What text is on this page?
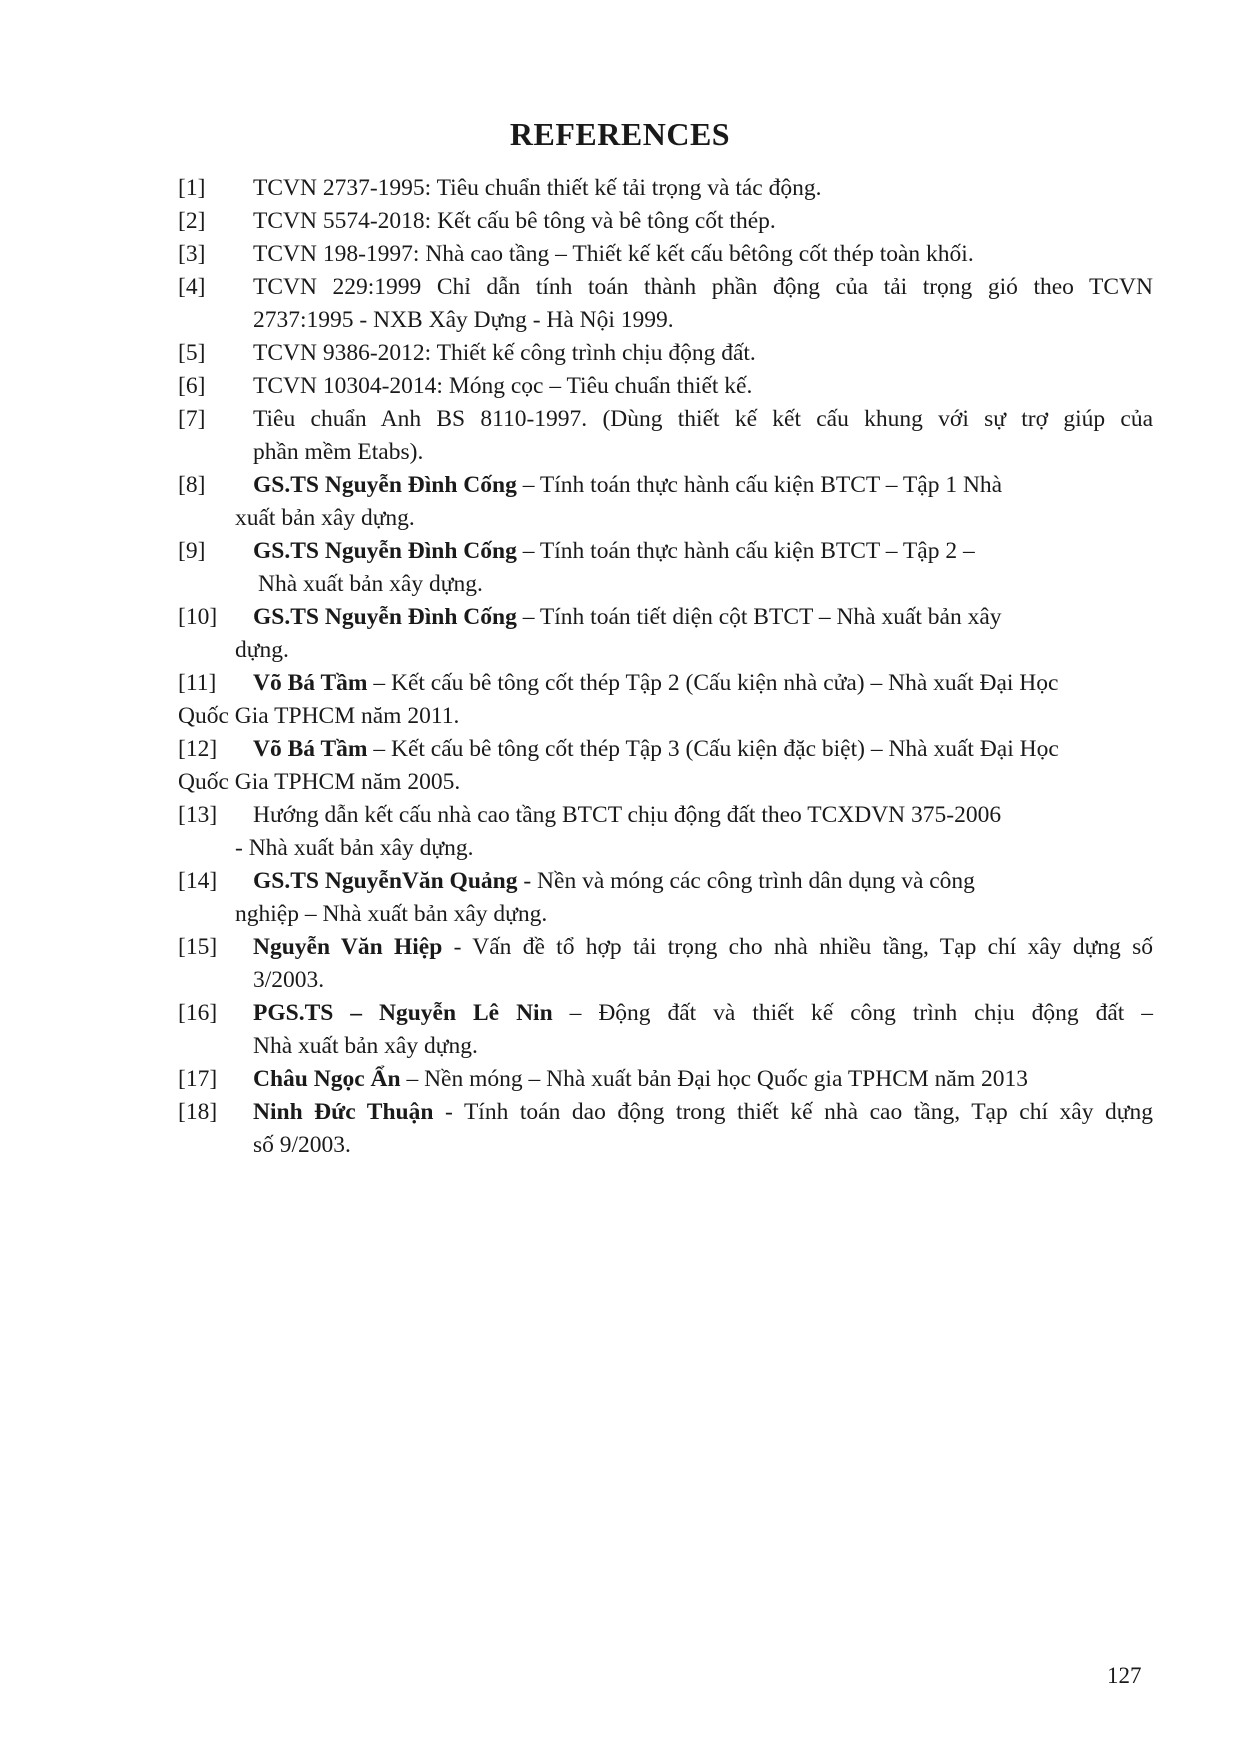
REFERENCES
[1]	TCVN 2737-1995: Tiêu chuẩn thiết kế tải trọng và tác động.
[2]	TCVN 5574-2018: Kết cấu bê tông và bê tông cốt thép.
[3]	TCVN 198-1997: Nhà cao tầng – Thiết kế kết cấu bêtông cốt thép toàn khối.
[4]	TCVN 229:1999 Chỉ dẫn tính toán thành phần động của tải trọng gió theo TCVN
2737:1995 - NXB Xây Dựng - Hà Nội 1999.
[5]	TCVN 9386-2012: Thiết kế công trình chịu động đất.
[6]	TCVN 10304-2014: Móng cọc – Tiêu chuẩn thiết kế.
[7]	Tiêu chuẩn Anh BS 8110-1997. (Dùng thiết kế kết cấu khung với sự trợ giúp của
phần mềm Etabs).
[8]	GS.TS Nguyễn Đình Cống – Tính toán thực hành cấu kiện BTCT – Tập 1 Nhà
xuất bản xây dựng.
[9]	GS.TS Nguyễn Đình Cống – Tính toán thực hành cấu kiện BTCT – Tập 2 –
Nhà xuất bản xây dựng.
[10]	GS.TS Nguyễn Đình Cống – Tính toán tiết diện cột BTCT – Nhà xuất bản xây
dựng.
[11]	Võ Bá Tầm – Kết cấu bê tông cốt thép Tập 2 (Cấu kiện nhà cửa) – Nhà xuất Đại Học
Quốc Gia TPHCM năm 2011.
[12]	Võ Bá Tầm – Kết cấu bê tông cốt thép Tập 3 (Cấu kiện đặc biệt) – Nhà xuất Đại Học
Quốc Gia TPHCM năm 2005.
[13]	Hướng dẫn kết cấu nhà cao tầng BTCT chịu động đất theo TCXDVN 375-2006
- Nhà xuất bản xây dựng.
[14]	GS.TS NguyễnVăn Quảng - Nền và móng các công trình dân dụng và công
nghiệp – Nhà xuất bản xây dựng.
[15]	Nguyễn Văn Hiệp - Vấn đề tổ hợp tải trọng cho nhà nhiều tầng, Tạp chí xây dựng số
3/2003.
[16]	PGS.TS – Nguyễn Lê Nin – Động đất và thiết kế công trình chịu động đất –
Nhà xuất bản xây dựng.
[17]	Châu Ngọc Ẩn – Nền móng – Nhà xuất bản Đại học Quốc gia TPHCM năm 2013
[18]	Ninh Đức Thuận - Tính toán dao động trong thiết kế nhà cao tầng, Tạp chí xây dựng
số 9/2003.
127
